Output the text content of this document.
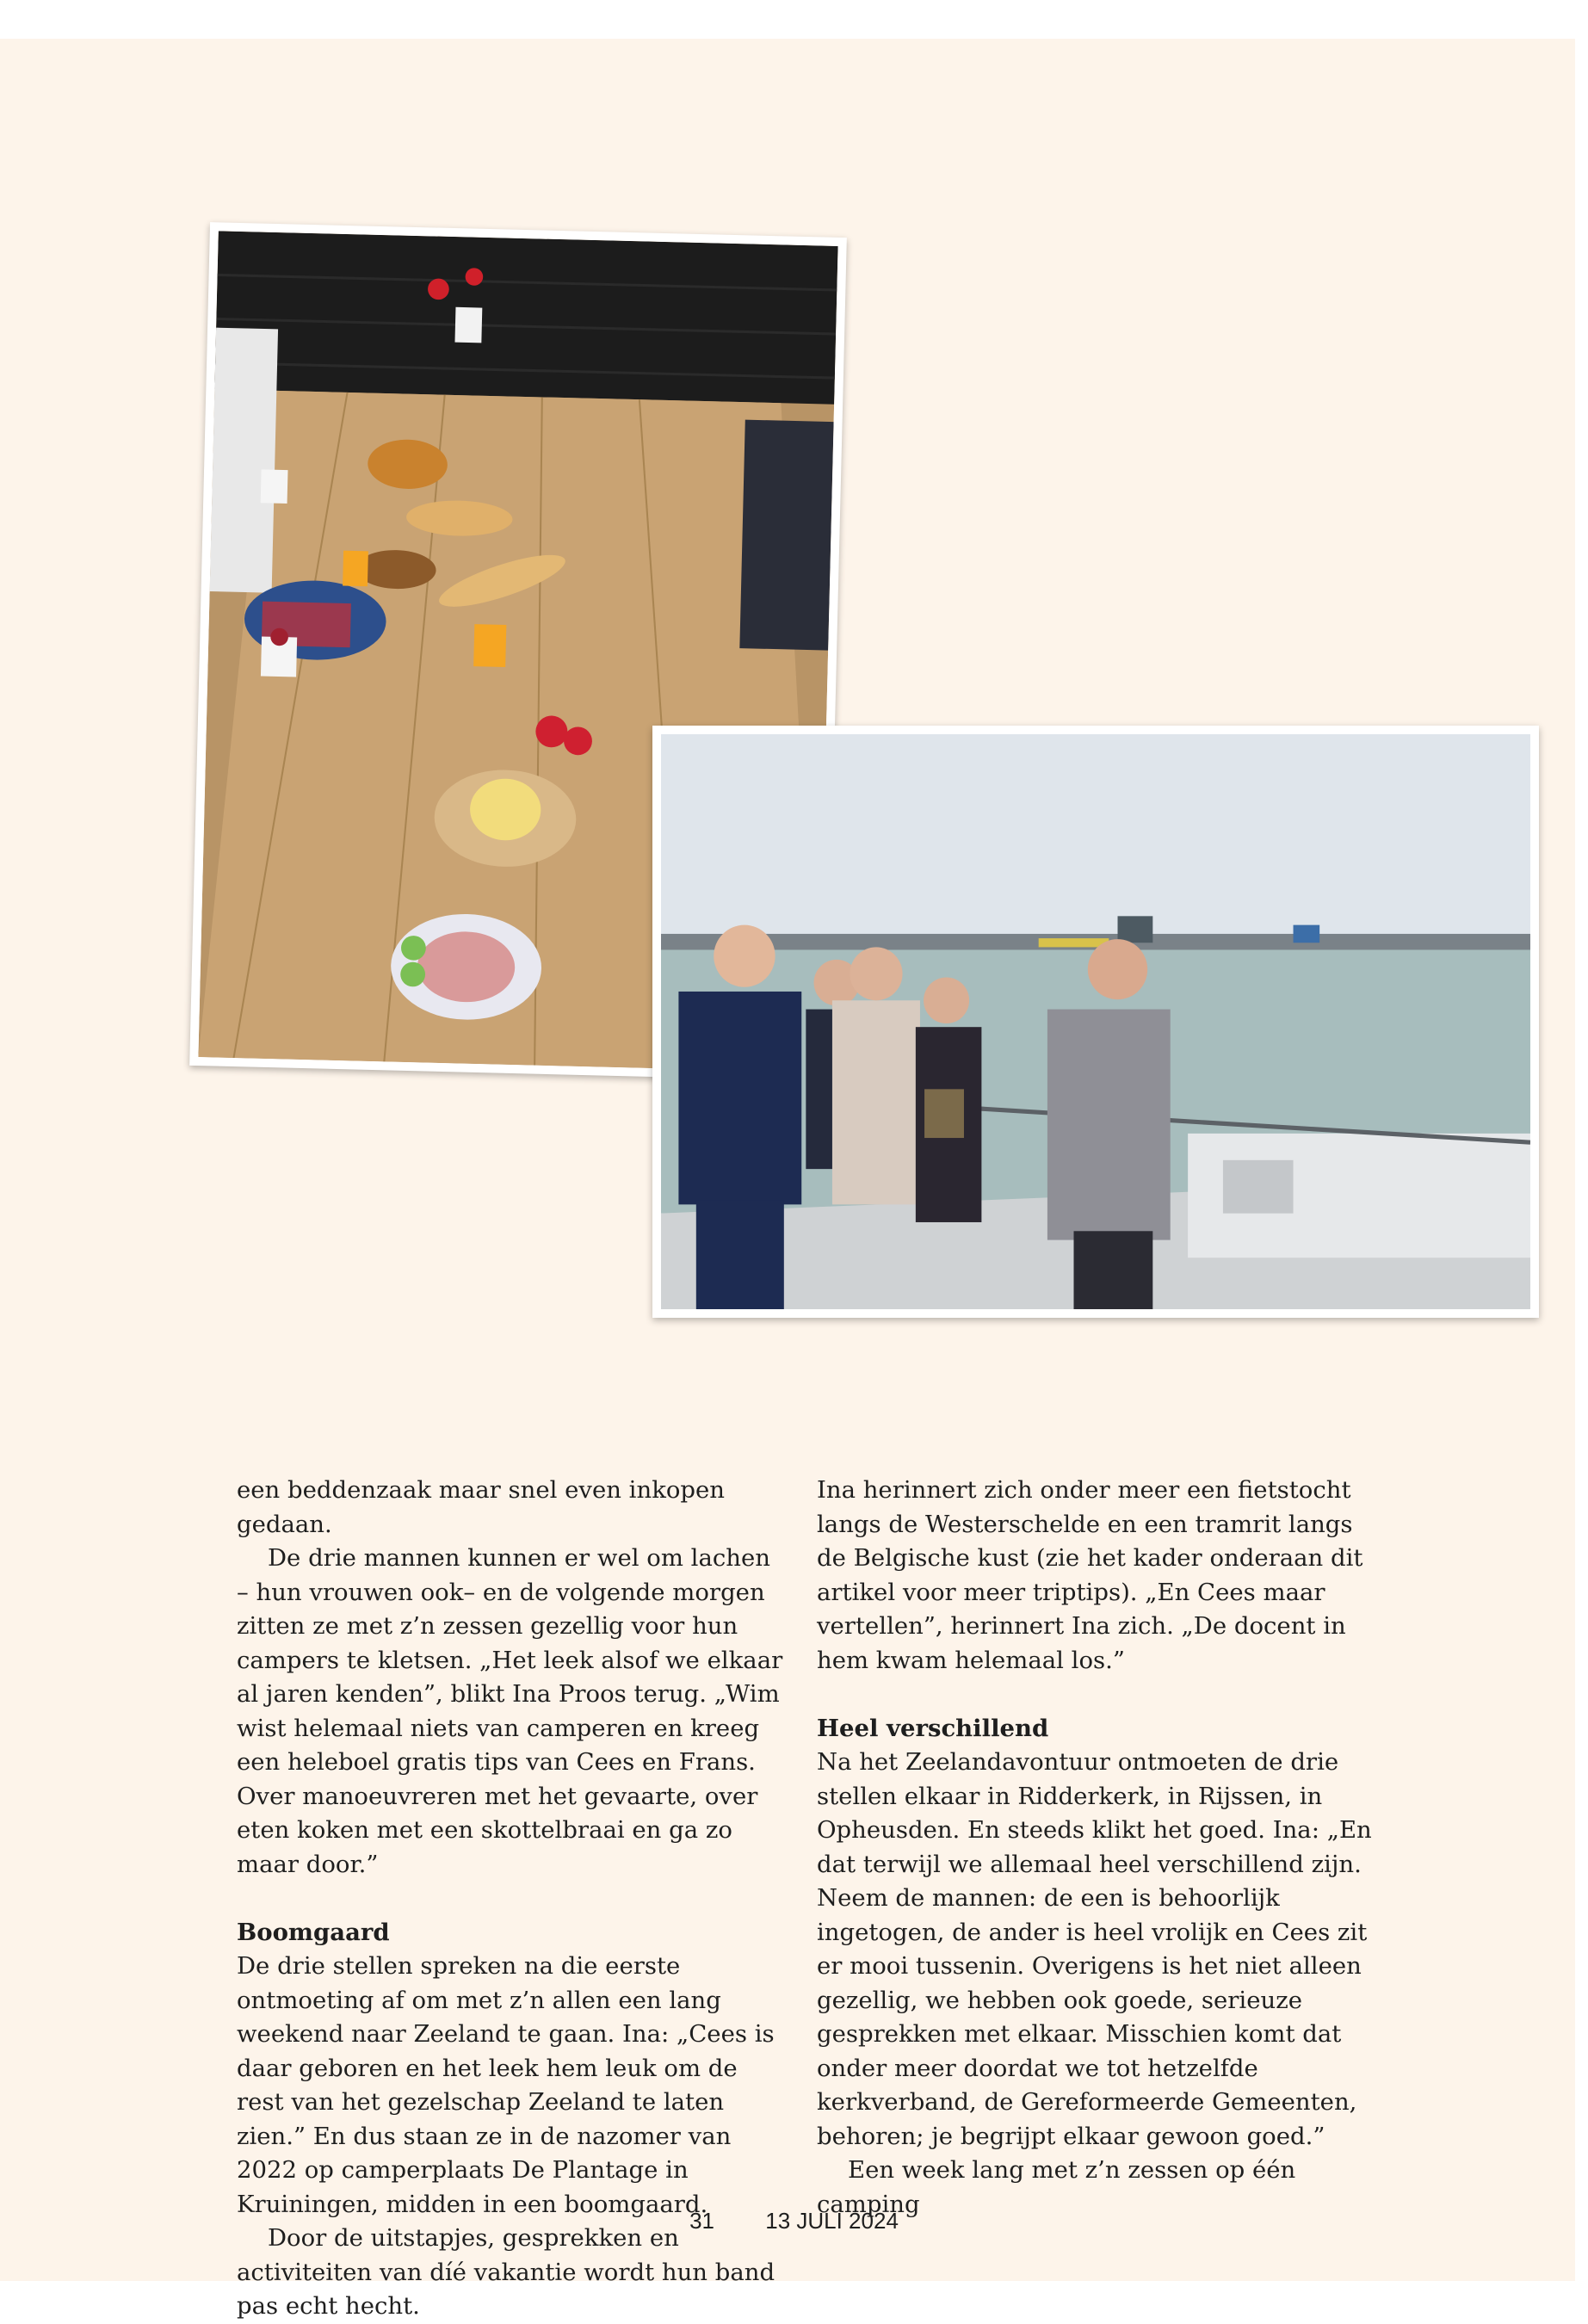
een beddenzaak maar snel even inkopen gedaan.

De drie mannen kunnen er wel om lachen – hun vrouwen ook– en de volgende morgen zitten ze met z’n zessen gezellig voor hun campers te kletsen. „Het leek alsof we elkaar al jaren kenden”, blikt Ina Proos terug. „Wim wist helemaal niets van camperen en kreeg een heleboel gratis tips van Cees en Frans. Over manoeuvreren met het gevaarte, over eten koken met een skottelbraai en ga zo maar door.”

Boomgaard

De drie stellen spreken na die eerste ontmoeting af om met z’n allen een lang weekend naar Zeeland te gaan. Ina: „Cees is daar geboren en het leek hem leuk om de rest van het gezelschap Zeeland te laten zien.” En dus staan ze in de nazomer van 2022 op camperplaats De Plantage in Kruiningen, midden in een boomgaard.

Door de uitstapjes, gesprekken en activiteiten van díé vakantie wordt hun band pas echt hecht.

Ina herinnert zich onder meer een fietstocht langs de Westerschelde en een tramrit langs de Belgische kust (zie het kader onderaan dit artikel voor meer triptips). „En Cees maar vertellen”, herinnert Ina zich. „De docent in hem kwam helemaal los.”

Heel verschillend

Na het Zeelandavontuur ontmoeten de drie stellen elkaar in Ridderkerk, in Rijssen, in Opheusden. En steeds klikt het goed. Ina: „En dat terwijl we allemaal heel verschillend zijn. Neem de mannen: de een is behoorlijk ingetogen, de ander is heel vrolijk en Cees zit er mooi tussenin. Overigens is het niet alleen gezellig, we hebben ook goede, serieuze gesprekken met elkaar. Misschien komt dat onder meer doordat we tot hetzelfde kerkverband, de Gereformeerde Gemeenten, behoren; je begrijpt elkaar gewoon goed.”

Een week lang met z’n zessen op één camping

31 13 JULI 2024
